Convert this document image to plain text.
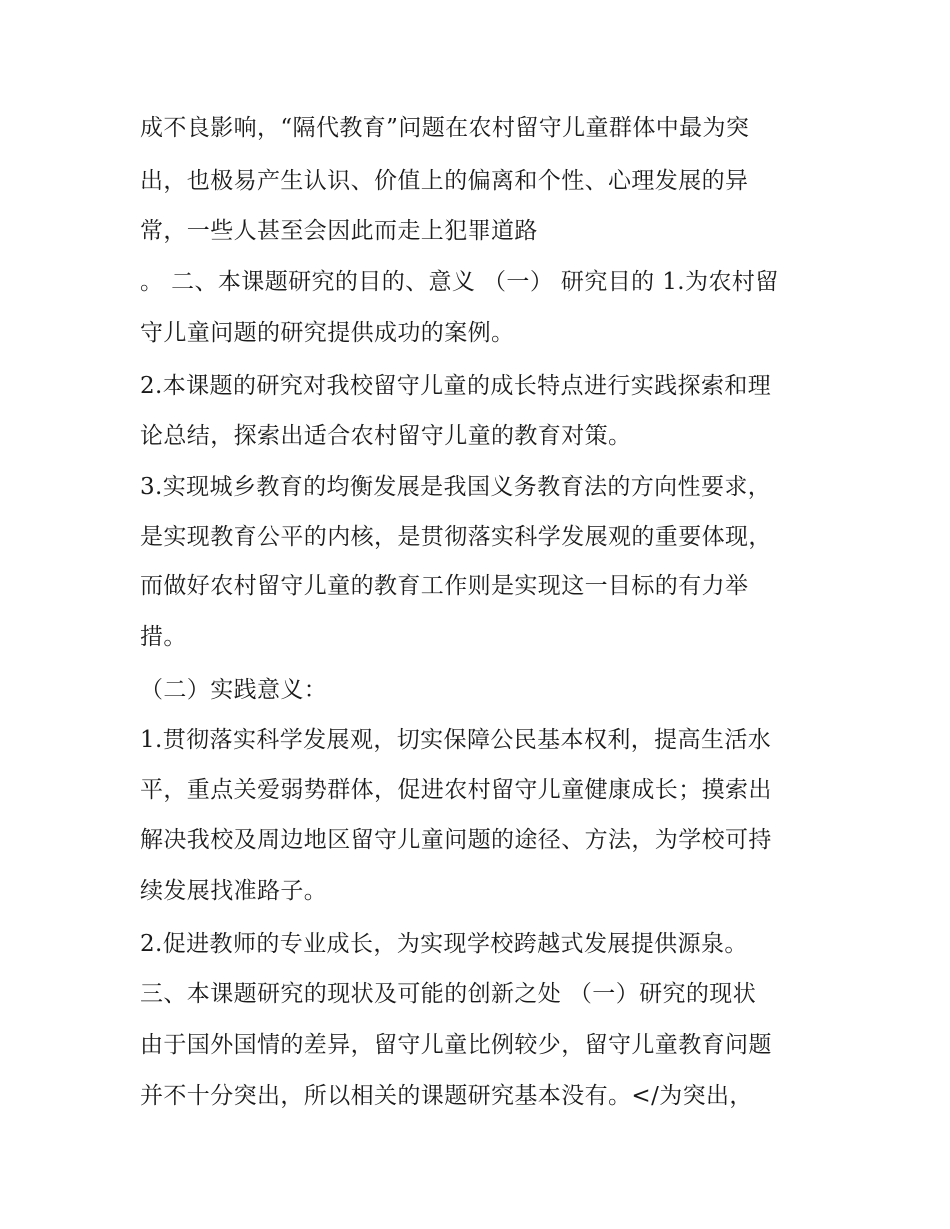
成不良影响，“隔代教育”问题在农村留守儿童群体中最为突
出，也极易产生认识、价值上的偏离和个性、心理发展的异
常，一些人甚至会因此而走上犯罪道路
。 二、本课题研究的目的、意义 （一） 研究目的 1.为农村留
守儿童问题的研究提供成功的案例。
2.本课题的研究对我校留守儿童的成长特点进行实践探索和理
论总结，探索出适合农村留守儿童的教育对策。
3.实现城乡教育的均衡发展是我国义务教育法的方向性要求，
是实现教育公平的内核，是贯彻落实科学发展观的重要体现，
而做好农村留守儿童的教育工作则是实现这一目标的有力举
措。
（二）实践意义：
1.贯彻落实科学发展观，切实保障公民基本权利，提高生活水
平，重点关爱弱势群体，促进农村留守儿童健康成长；摸索出
解决我校及周边地区留守儿童问题的途径、方法，为学校可持
续发展找准路子。
2.促进教师的专业成长，为实现学校跨越式发展提供源泉。
三、本课题研究的现状及可能的创新之处 （一）研究的现状
由于国外国情的差异，留守儿童比例较少，留守儿童教育问题
并不十分突出，所以相关的课题研究基本没有。</为突出，
